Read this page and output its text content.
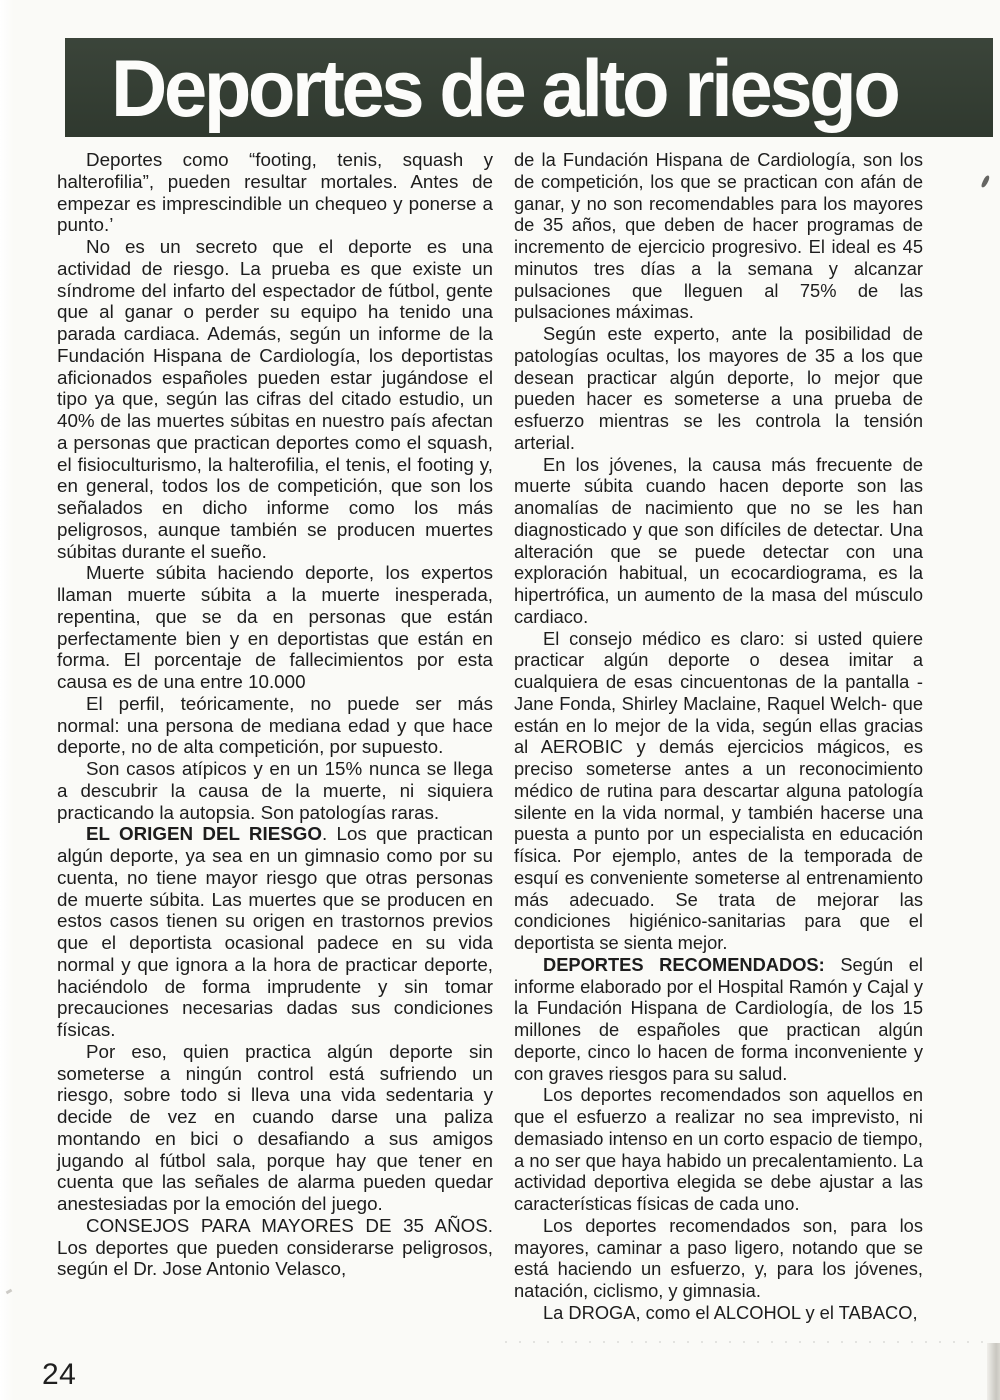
Deportes de alto riesgo

Deportes como “footing, tenis, squash y halterofilia”, pueden resultar mortales. Antes de empezar es imprescindible un chequeo y ponerse a punto.’

No es un secreto que el deporte es una actividad de riesgo. La prueba es que existe un síndrome del infarto del espectador de fútbol, gente que al ganar o perder su equipo ha tenido una parada cardiaca. Además, según un informe de la Fundación Hispana de Cardiología, los deportistas aficionados españoles pueden estar jugándose el tipo ya que, según las cifras del citado estudio, un 40% de las muertes súbitas en nuestro país afectan a personas que practican deportes como el squash, el fisioculturismo, la halterofilia, el tenis, el footing y, en general, todos los de competición, que son los señalados en dicho informe como los más peligrosos, aunque también se producen muertes súbitas durante el sueño.

Muerte súbita haciendo deporte, los expertos llaman muerte súbita a la muerte inesperada, repentina, que se da en personas que están perfectamente bien y en deportistas que están en forma. El porcentaje de fallecimientos por esta causa es de una entre 10.000

El perfil, teóricamente, no puede ser más normal: una persona de mediana edad y que hace deporte, no de alta competición, por supuesto.

Son casos atípicos y en un 15% nunca se llega a descubrir la causa de la muerte, ni siquiera practicando la autopsia. Son patologías raras.

EL ORIGEN DEL RIESGO. Los que practican algún deporte, ya sea en un gimnasio como por su cuenta, no tiene mayor riesgo que otras personas de muerte súbita. Las muertes que se producen en estos casos tienen su origen en trastornos previos que el deportista ocasional padece en su vida normal y que ignora a la hora de practicar deporte, haciéndolo de forma imprudente y sin tomar precauciones necesarias dadas sus condiciones físicas.

Por eso, quien practica algún deporte sin someterse a ningún control está sufriendo un riesgo, sobre todo si lleva una vida sedentaria y decide de vez en cuando darse una paliza montando en bici o desafiando a sus amigos jugando al fútbol sala, porque hay que tener en cuenta que las señales de alarma pueden quedar anestesiadas por la emoción del juego.

CONSEJOS PARA MAYORES DE 35 AÑOS. Los deportes que pueden considerarse peligrosos, según el Dr. Jose Antonio Velasco,

de la Fundación Hispana de Cardiología, son los de competición, los que se practican con afán de ganar, y no son recomendables para los mayores de 35 años, que deben de hacer programas de incremento de ejercicio progresivo. El ideal es 45 minutos tres días a la semana y alcanzar pulsaciones que lleguen al 75% de las pulsaciones máximas.

Según este experto, ante la posibilidad de patologías ocultas, los mayores de 35 a los que desean practicar algún deporte, lo mejor que pueden hacer es someterse a una prueba de esfuerzo mientras se les controla la tensión arterial.

En los jóvenes, la causa más frecuente de muerte súbita cuando hacen deporte son las anomalías de nacimiento que no se les han diagnosticado y que son difíciles de detectar. Una alteración que se puede detectar con una exploración habitual, un ecocardiograma, es la hipertrófica, un aumento de la masa del músculo cardiaco.

El consejo médico es claro: si usted quiere practicar algún deporte o desea imitar a cualquiera de esas cincuentonas de la pantalla - Jane Fonda, Shirley Maclaine, Raquel Welch- que están en lo mejor de la vida, según ellas gracias al AEROBIC y demás ejercicios mágicos, es preciso someterse antes a un reconocimiento médico de rutina para descartar alguna patología silente en la vida normal, y también hacerse una puesta a punto por un especialista en educación física. Por ejemplo, antes de la temporada de esquí es conveniente someterse al entrenamiento más adecuado. Se trata de mejorar las condiciones higiénico-sanitarias para que el deportista se sienta mejor.

DEPORTES RECOMENDADOS: Según el informe elaborado por el Hospital Ramón y Cajal y la Fundación Hispana de Cardiología, de los 15 millones de españoles que practican algún deporte, cinco lo hacen de forma inconveniente y con graves riesgos para su salud.

Los deportes recomendados son aquellos en que el esfuerzo a realizar no sea imprevisto, ni demasiado intenso en un corto espacio de tiempo, a no ser que haya habido un precalentamiento. La actividad deportiva elegida se debe ajustar a las características físicas de cada uno.

Los deportes recomendados son, para los mayores, caminar a paso ligero, notando que se está haciendo un esfuerzo, y, para los jóvenes, natación, ciclismo, y gimnasia.

La DROGA, como el ALCOHOL y el TABACO,

24
